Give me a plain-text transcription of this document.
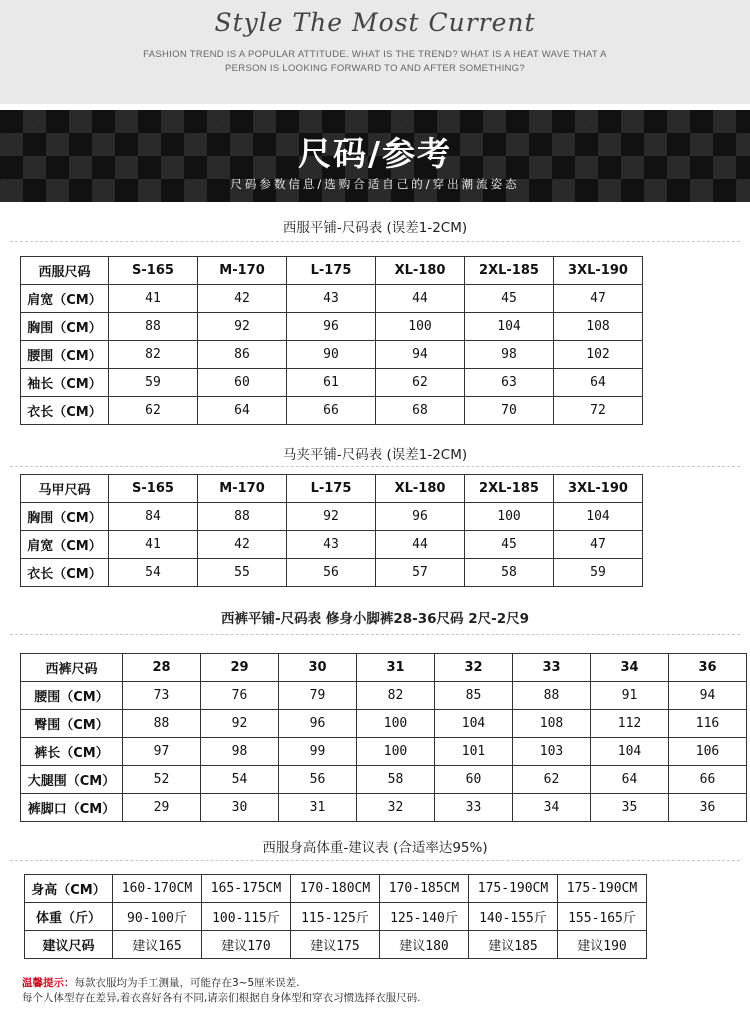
Style The Most Current
FASHION TREND IS A POPULAR ATTITUDE. WHAT IS THE TREND? WHAT IS A HEAT WAVE THAT A
PERSON IS LOOKING FORWARD TO AND AFTER SOMETHING?
尺码/参考
尺码参数信息/选购合适自己的/穿出潮流姿态
西服平铺-尺码表 (误差1-2CM)
西服尺码	S-165	M-170	L-175	XL-180	2XL-185	3XL-190
肩宽（CM）	41	42	43	44	45	47
胸围（CM）	88	92	96	100	104	108
腰围（CM）	82	86	90	94	98	102
袖长（CM）	59	60	61	62	63	64
衣长（CM）	62	64	66	68	70	72
马夹平铺-尺码表 (误差1-2CM)
马甲尺码	S-165	M-170	L-175	XL-180	2XL-185	3XL-190
胸围（CM）	84	88	92	96	100	104
肩宽（CM）	41	42	43	44	45	47
衣长（CM）	54	55	56	57	58	59
西裤平铺-尺码表 修身小脚裤28-36尺码 2尺-2尺9
西裤尺码	28	29	30	31	32	33	34	36
腰围（CM）	73	76	79	82	85	88	91	94
臀围（CM）	88	92	96	100	104	108	112	116
裤长（CM）	97	98	99	100	101	103	104	106
大腿围（CM）	52	54	56	58	60	62	64	66
裤脚口（CM）	29	30	31	32	33	34	35	36
西服身高体重-建议表 (合适率达95%)
身高（CM）	160-170CM	165-175CM	170-180CM	170-185CM	175-190CM	175-190CM
体重（斤）	90-100斤	100-115斤	115-125斤	125-140斤	140-155斤	155-165斤
建议尺码	建议165	建议170	建议175	建议180	建议185	建议190
温馨提示：每款衣服均为手工测量，可能存在3~5厘米误差.
每个人体型存在差异,着衣喜好各有不同,请亲们根据自身体型和穿衣习惯选择衣服尺码.
